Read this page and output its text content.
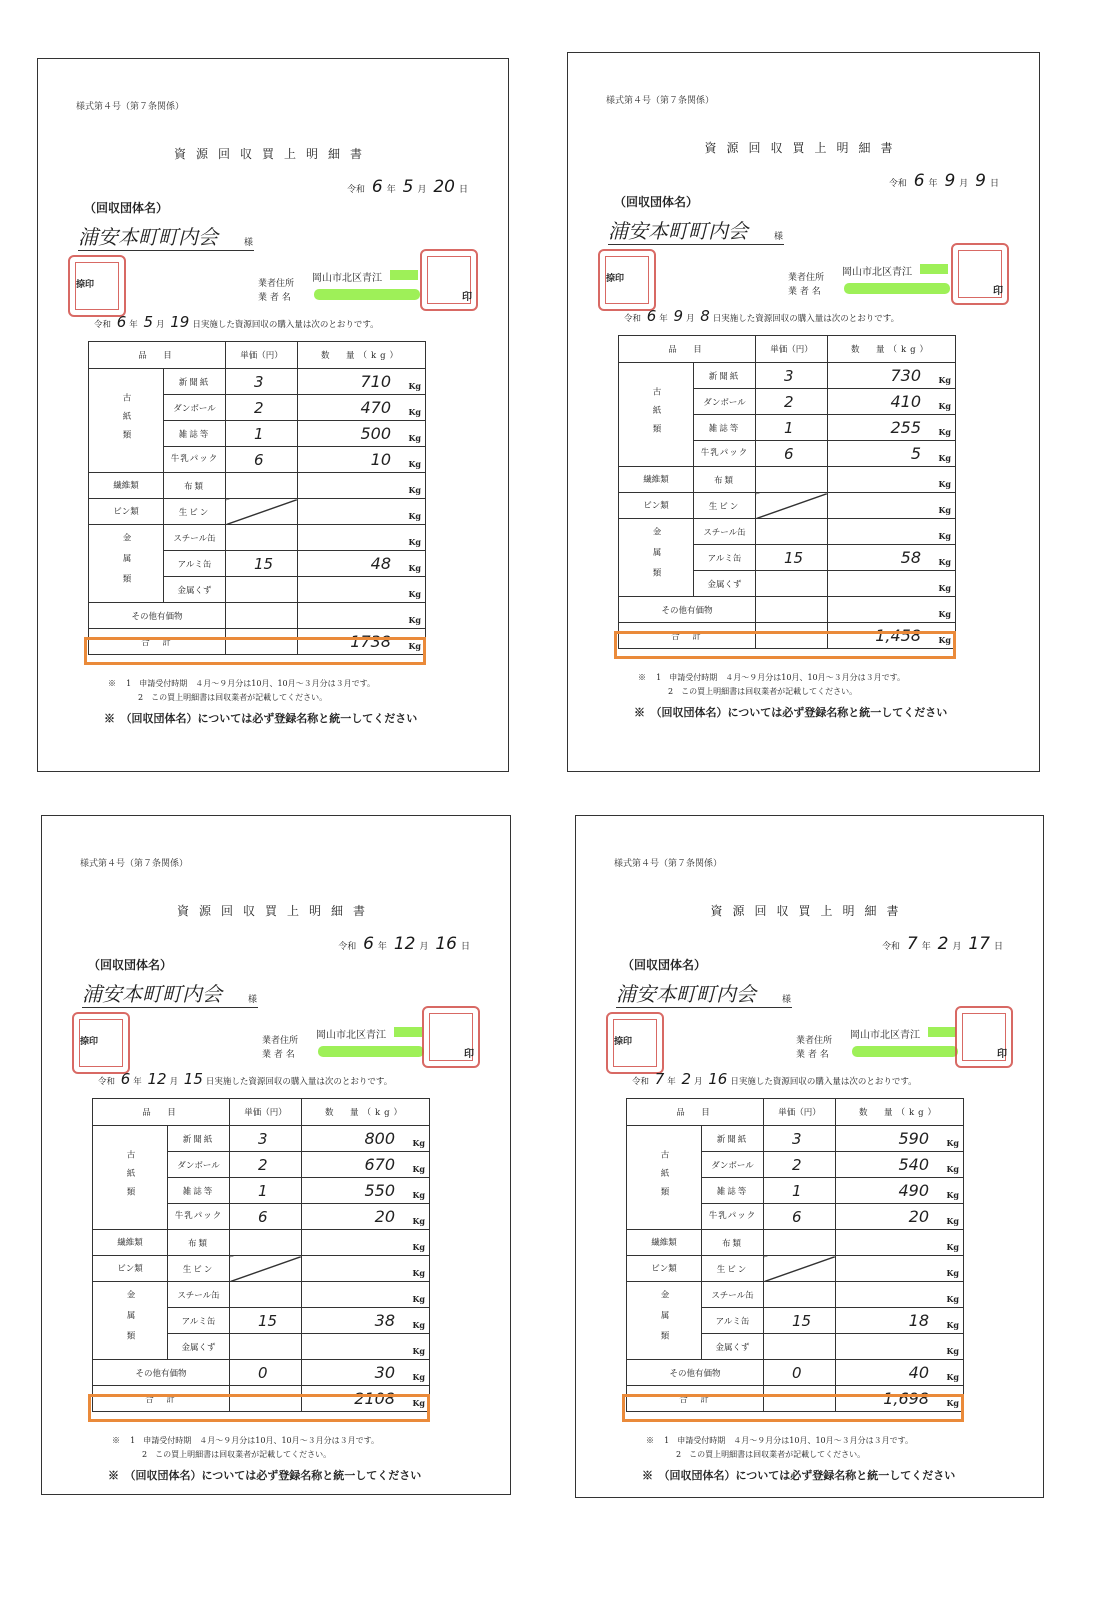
様式第４号（第７条関係）
資源回収買上明細書
令和 6 年 5 月 20 日
（回収団体名）
浦安本町町内会	様
捺印	業者住所
業 者 名
岡山市北区青江
印
令和 6 年 5 月 19 日実施した資源回収の購入量は次のとおりです。
品　目		単価（円）	数　量（kg）
古紙類	新聞紙	3	710 Kg

	ダンボール	2	470 Kg

	雑誌等	1	500 Kg

	牛乳パック	6	10 Kg

繊維類	布類		Kg

ビン類	生ビン		Kg

金属類	スチール缶		Kg

	アルミ缶	15	48 Kg

	金属くず		Kg

その他有価物			Kg

合　計			1738 Kg
※ 1　申請受付時期　４月～９月分は10月、10月～３月分は３月です。
2　この買上明細書は回収業者が記載してください。
※　（回収団体名）については必ず登録名称と統一してください
様式第４号（第７条関係）
資源回収買上明細書
令和 6 年 9 月 9 日
（回収団体名）
浦安本町町内会	様
捺印	業者住所
業 者 名
岡山市北区青江
印
令和 6 年 9 月 8 日実施した資源回収の購入量は次のとおりです。
品　目		単価（円）	数　量（kg）
古紙類	新聞紙	3	730 Kg

	ダンボール	2	410 Kg

	雑誌等	1	255 Kg

	牛乳パック	6	5 Kg

繊維類	布類		Kg

ビン類	生ビン		Kg

金属類	スチール缶		Kg

	アルミ缶	15	58 Kg

	金属くず		Kg

その他有価物			Kg

合　計			1,458 Kg
※ 1　申請受付時期　４月～９月分は10月、10月～３月分は３月です。
2　この買上明細書は回収業者が記載してください。
※　（回収団体名）については必ず登録名称と統一してください
様式第４号（第７条関係）
資源回収買上明細書
令和 6 年 12 月 16 日
（回収団体名）
浦安本町町内会	様
捺印	業者住所
業 者 名
岡山市北区青江
印
令和 6 年 12 月 15 日実施した資源回収の購入量は次のとおりです。
品　目		単価（円）	数　量（kg）
古紙類	新聞紙	3	800 Kg

	ダンボール	2	670 Kg

	雑誌等	1	550 Kg

	牛乳パック	6	20 Kg

繊維類	布類		Kg

ビン類	生ビン		Kg

金属類	スチール缶		Kg

	アルミ缶	15	38 Kg

	金属くず		Kg

その他有価物		0	30 Kg

合　計			2108 Kg
※ 1　申請受付時期　４月～９月分は10月、10月～３月分は３月です。
2　この買上明細書は回収業者が記載してください。
※　（回収団体名）については必ず登録名称と統一してください
様式第４号（第７条関係）
資源回収買上明細書
令和 7 年 2 月 17 日
（回収団体名）
浦安本町町内会	様
捺印	業者住所
業 者 名
岡山市北区青江
印
令和 7 年 2 月 16 日実施した資源回収の購入量は次のとおりです。
品　目		単価（円）	数　量（kg）
古紙類	新聞紙	3	590 Kg

	ダンボール	2	540 Kg

	雑誌等	1	490 Kg

	牛乳パック	6	20 Kg

繊維類	布類		Kg

ビン類	生ビン		Kg

金属類	スチール缶		Kg

	アルミ缶	15	18 Kg

	金属くず		Kg

その他有価物		0	40 Kg

合　計			1,698 Kg
※ 1　申請受付時期　４月～９月分は10月、10月～３月分は３月です。
2　この買上明細書は回収業者が記載してください。
※　（回収団体名）については必ず登録名称と統一してください
